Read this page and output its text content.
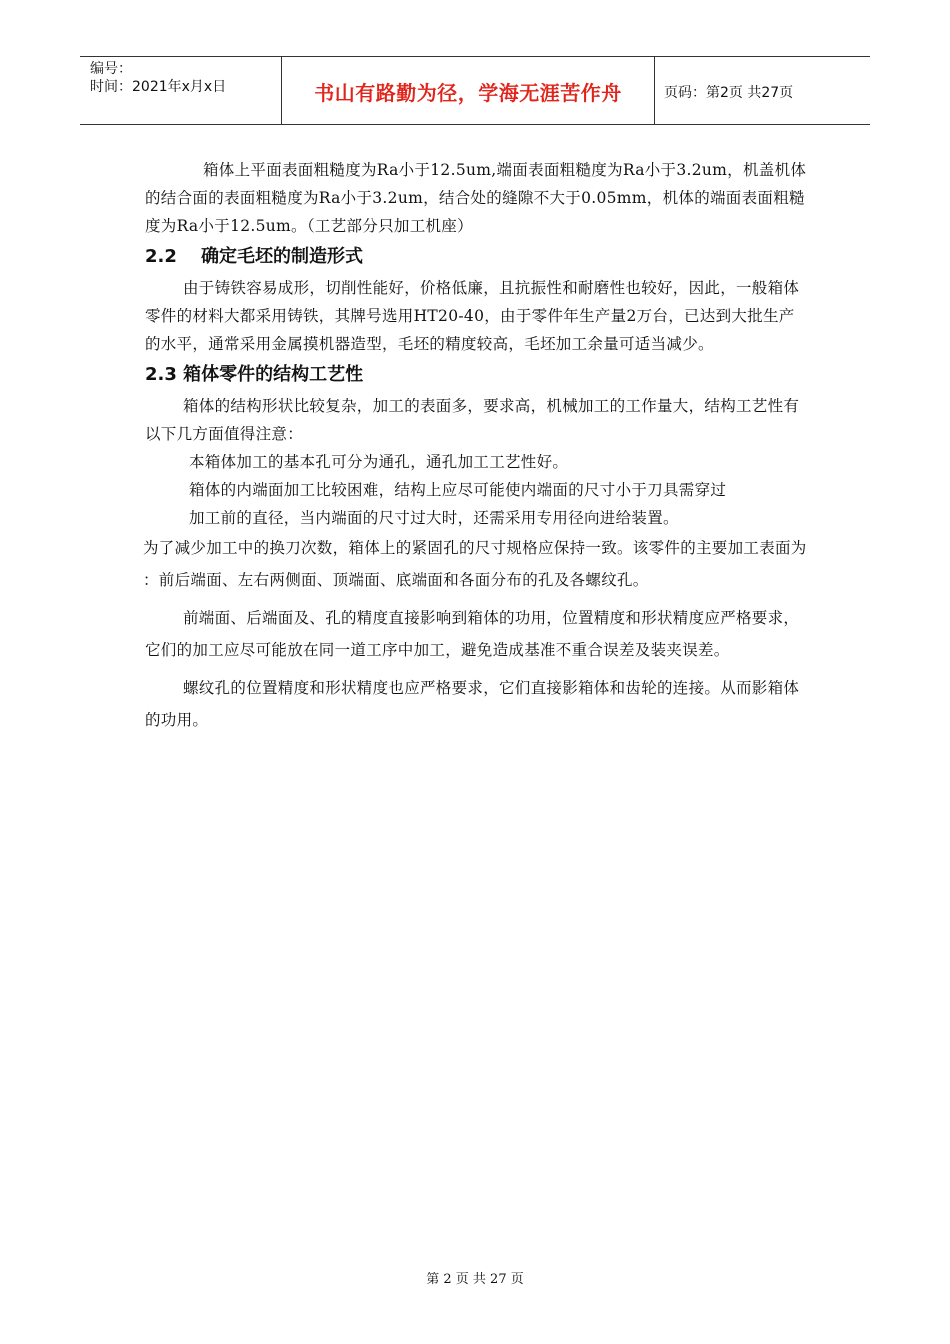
编号：
时间：2021年x月x日	书山有路勤为径，学海无涯苦作舟	页码：第2页 共27页

箱体上平面表面粗糙度为Ra小于12.5um,端面表面粗糙度为Ra小于3.2um，机盖机体的结合面的表面粗糙度为Ra小于3.2um，结合处的缝隙不大于0.05mm，机体的端面表面粗糙度为Ra小于12.5um。（工艺部分只加工机座）

2.2 确定毛坯的制造形式

由于铸铁容易成形，切削性能好，价格低廉，且抗振性和耐磨性也较好，因此，一般箱体零件的材料大都采用铸铁，其牌号选用HT20-40，由于零件年生产量2万台，已达到大批生产的水平，通常采用金属摸机器造型，毛坯的精度较高，毛坯加工余量可适当减少。

2.3 箱体零件的结构工艺性

箱体的结构形状比较复杂，加工的表面多，要求高，机械加工的工作量大，结构工艺性有以下几方面值得注意：

本箱体加工的基本孔可分为通孔，通孔加工工艺性好。

箱体的内端面加工比较困难，结构上应尽可能使内端面的尺寸小于刀具需穿过

加工前的直径，当内端面的尺寸过大时，还需采用专用径向进给装置。

为了减少加工中的换刀次数，箱体上的紧固孔的尺寸规格应保持一致。该零件的主要加工表面为 ：前后端面、左右两侧面、顶端面、底端面和各面分布的孔及各螺纹孔。

前端面、后端面及、孔的精度直接影响到箱体的功用，位置精度和形状精度应严格要求，它们的加工应尽可能放在同一道工序中加工，避免造成基准不重合误差及装夹误差。

螺纹孔的位置精度和形状精度也应严格要求，它们直接影箱体和齿轮的连接。从而影箱体的功用。

第 2 页 共 27 页
